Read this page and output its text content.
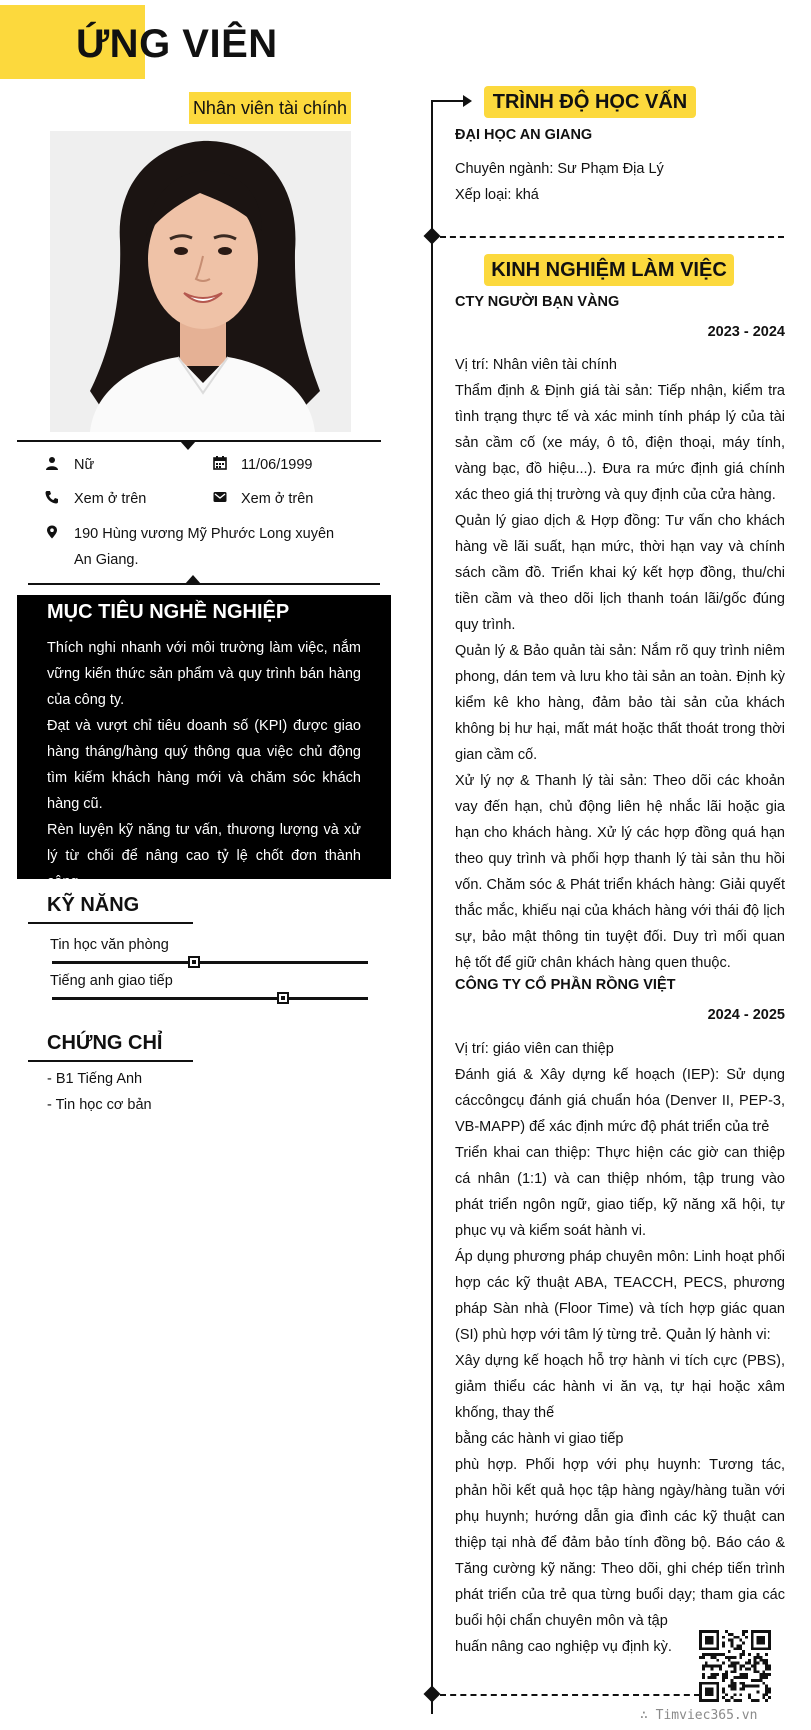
ỨNG VIÊN
Nhân viên tài chính
Nữ	11/06/1999
Xem ở trên	Xem ở trên
190 Hùng vương Mỹ Phước Long xuyên
An Giang.
MỤC TIÊU NGHỀ NGHIỆP

Thích nghi nhanh với môi trường làm việc, nắm vững kiến thức sản phẩm và quy trình bán hàng của công ty.

Đạt và vượt chỉ tiêu doanh số (KPI) được giao hàng tháng/hàng quý thông qua việc chủ động tìm kiếm khách hàng mới và chăm sóc khách hàng cũ.

Rèn luyện kỹ năng tư vấn, thương lượng và xử lý từ chối để nâng cao tỷ lệ chốt đơn thành công.

KỸ NĂNG
Tin học văn phòng
Tiếng anh giao tiếp
CHỨNG CHỈ
- B1 Tiếng Anh
- Tin học cơ bản
TRÌNH ĐỘ HỌC VẤN
ĐẠI HỌC AN GIANG
Chuyên ngành: Sư Phạm Địa Lý
Xếp loại: khá
KINH NGHIỆM LÀM VIỆC
CTY NGƯỜI BẠN VÀNG
2023 - 2024

Vị trí: Nhân viên tài chính

Thẩm định & Định giá tài sản: Tiếp nhận, kiểm tra tình trạng thực tế và xác minh tính pháp lý của tài sản cầm cố (xe máy, ô tô, điện thoại, máy tính, vàng bạc, đồ hiệu...). Đưa ra mức định giá chính xác theo giá thị trường và quy định của cửa hàng.

Quản lý giao dịch & Hợp đồng: Tư vấn cho khách hàng về lãi suất, hạn mức, thời hạn vay và chính sách cầm đồ. Triển khai ký kết hợp đồng, thu/chi tiền cầm và theo dõi lịch thanh toán lãi/gốc đúng quy trình.

Quản lý & Bảo quản tài sản: Nắm rõ quy trình niêm phong, dán tem và lưu kho tài sản an toàn. Định kỳ kiểm kê kho hàng, đảm bảo tài sản của khách không bị hư hại, mất mát hoặc thất thoát trong thời gian cầm cố.

Xử lý nợ & Thanh lý tài sản: Theo dõi các khoản vay đến hạn, chủ động liên hệ nhắc lãi hoặc gia hạn cho khách hàng. Xử lý các hợp đồng quá hạn theo quy trình và phối hợp thanh lý tài sản thu hồi vốn. Chăm sóc & Phát triển khách hàng: Giải quyết thắc mắc, khiếu nại của khách hàng với thái độ lịch sự, bảo mật thông tin tuyệt đối. Duy trì mối quan hệ tốt để giữ chân khách hàng quen thuộc.

CÔNG TY CỔ PHẦN RỒNG VIỆT
2024 - 2025

Vị trí: giáo viên can thiệp

Đánh giá & Xây dựng kế hoạch (IEP): Sử dụng cáccôngcụ đánh giá chuẩn hóa (Denver II, PEP-3, VB-MAPP) để xác định mức độ phát triển của trẻ

Triển khai can thiệp: Thực hiện các giờ can thiệp cá nhân (1:1) và can thiệp nhóm, tập trung vào phát triển ngôn ngữ, giao tiếp, kỹ năng xã hội, tự phục vụ và kiểm soát hành vi.

Áp dụng phương pháp chuyên môn: Linh hoạt phối hợp các kỹ thuật ABA, TEACCH, PECS, phương pháp Sàn nhà (Floor Time) và tích hợp giác quan (SI) phù hợp với tâm lý từng trẻ. Quản lý hành vi:

Xây dựng kế hoạch hỗ trợ hành vi tích cực (PBS), giảm thiểu các hành vi ăn vạ, tự hại hoặc xâm khống, thay thế

bằng các hành vi giao tiếp

phù hợp. Phối hợp với phụ huynh: Tương tác, phản hồi kết quả học tập hàng ngày/hàng tuần với phụ huynh; hướng dẫn gia đình các kỹ thuật can thiệp tại nhà để đảm bảo tính đồng bộ. Báo cáo & Tăng cường kỹ năng: Theo dõi, ghi chép tiến trình phát triển của trẻ qua từng buổi dạy; tham gia các buổi hội chẩn chuyên môn và tập

huấn nâng cao nghiệp vụ định kỳ.

∴ Timviec365.vn
